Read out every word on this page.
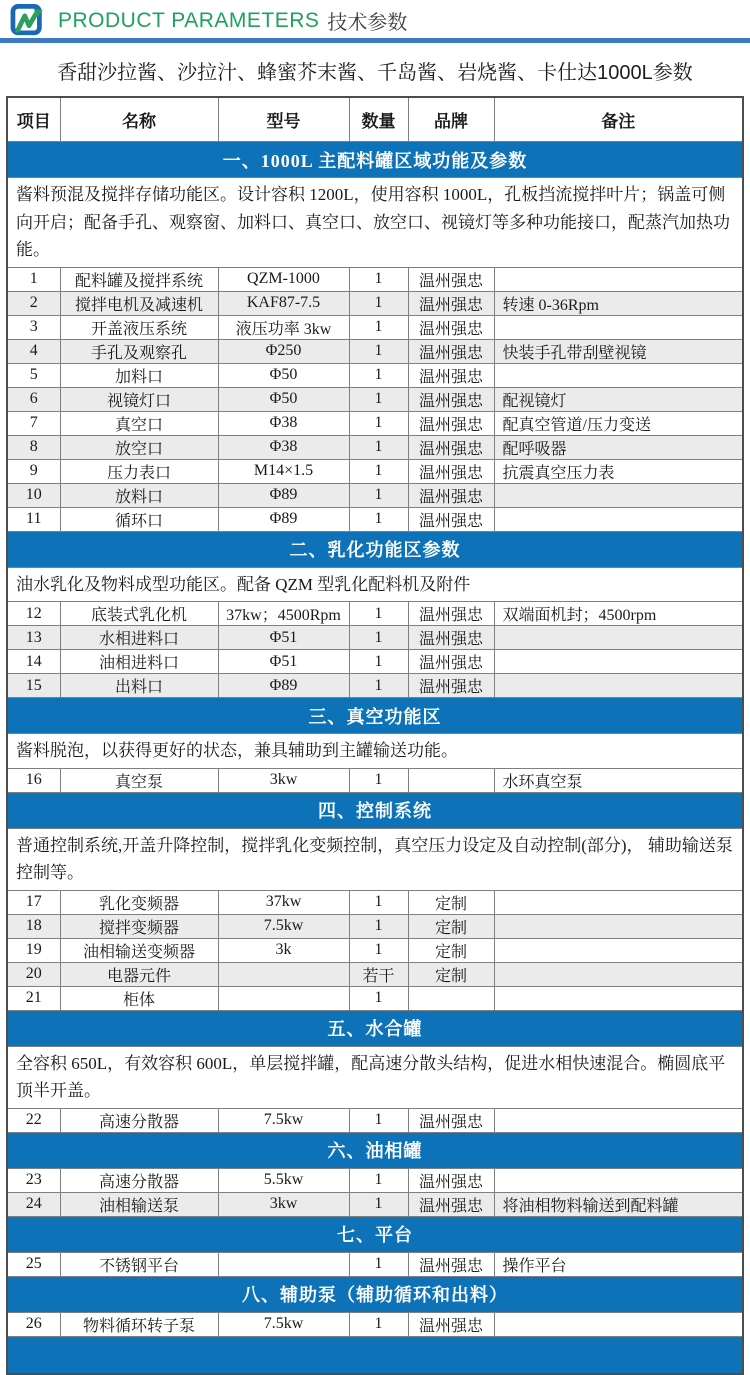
PRODUCT PARAMETERS 技术参数
香甜沙拉酱、沙拉汁、蜂蜜芥末酱、千岛酱、岩烧酱、卡仕达1000L参数
项目	名称	型号	数量	品牌	备注
一、1000L 主配料罐区域功能及参数					
酱料预混及搅拌存储功能区。设计容积 1200L，使用容积 1000L，孔板挡流搅拌叶片；锅盖可侧向开启；配备手孔、观察窗、加料口、真空口、放空口、视镜灯等多种功能接口，配蒸汽加热功能。					
1	配料罐及搅拌系统	QZM-1000	1	温州强忠	
2	搅拌电机及减速机	KAF87-7.5	1	温州强忠	转速 0-36Rpm
3	开盖液压系统	液压功率 3kw	1	温州强忠	
4	手孔及观察孔	Φ250	1	温州强忠	快装手孔带刮壁视镜
5	加料口	Φ50	1	温州强忠	
6	视镜灯口	Φ50	1	温州强忠	配视镜灯
7	真空口	Φ38	1	温州强忠	配真空管道/压力变送
8	放空口	Φ38	1	温州强忠	配呼吸器
9	压力表口	M14×1.5	1	温州强忠	抗震真空压力表
10	放料口	Φ89	1	温州强忠	
11	循环口	Φ89	1	温州强忠	
二、乳化功能区参数					
油水乳化及物料成型功能区。配备 QZM 型乳化配料机及附件					
12	底装式乳化机	37kw；4500Rpm	1	温州强忠	双端面机封；4500rpm
13	水相进料口	Φ51	1	温州强忠	
14	油相进料口	Φ51	1	温州强忠	
15	出料口	Φ89	1	温州强忠	
三、真空功能区					
酱料脱泡，以获得更好的状态，兼具辅助到主罐输送功能。					
16	真空泵	3kw	1		水环真空泵
四、控制系统					
普通控制系统,开盖升降控制，搅拌乳化变频控制，真空压力设定及自动控制(部分)， 辅助输送泵控制等。					
17	乳化变频器	37kw	1	定制	
18	搅拌变频器	7.5kw	1	定制	
19	油相输送变频器	3k	1	定制	
20	电器元件		若干	定制	
21	柜体		1		
五、水合罐					
全容积 650L，有效容积 600L，单层搅拌罐，配高速分散头结构，促进水相快速混合。椭圆底平顶半开盖。					
22	高速分散器	7.5kw	1	温州强忠	
六、油相罐					
23	高速分散器	5.5kw	1	温州强忠	
24	油相输送泵	3kw	1	温州强忠	将油相物料输送到配料罐
七、平台					
25	不锈钢平台		1	温州强忠	操作平台
八、辅助泵（辅助循环和出料）					
26	物料循环转子泵	7.5kw	1	温州强忠	
